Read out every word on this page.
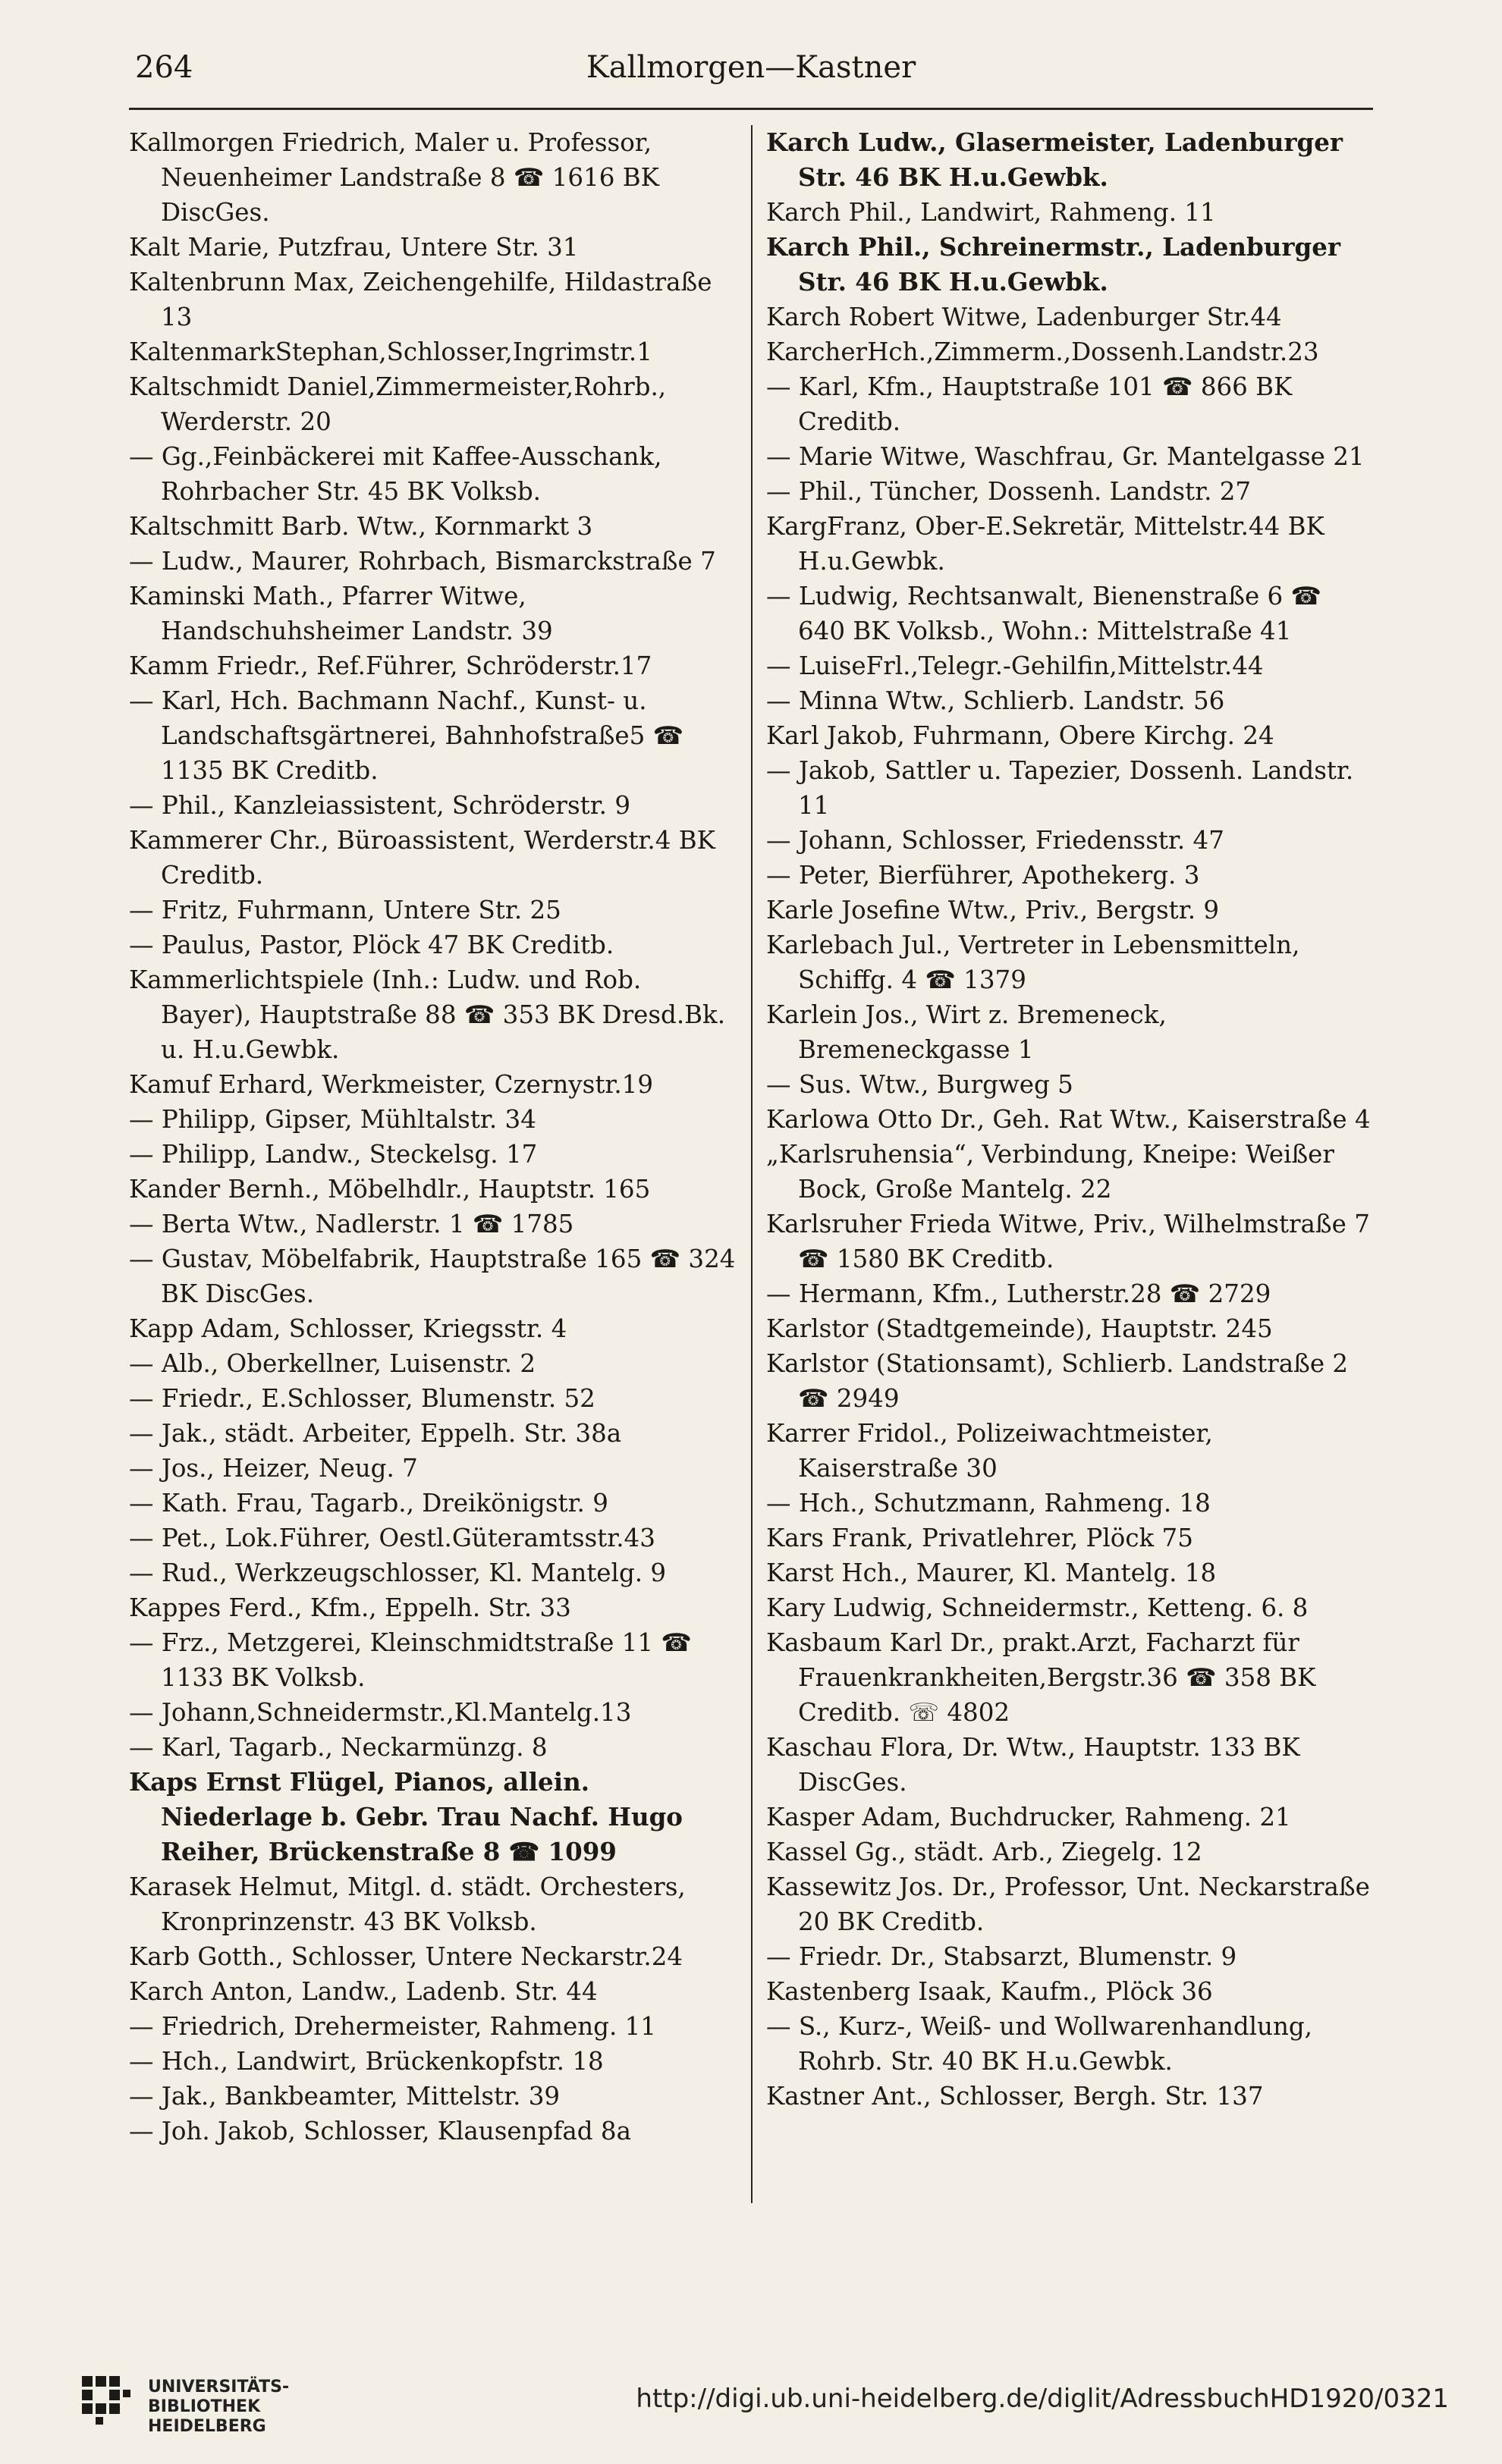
264	Kallmorgen—Kastner

Kallmorgen Friedrich, Maler u. Professor, Neuenheimer Landstraße 8 ☎ 1616 BK DiscGes.

Kalt Marie, Putzfrau, Untere Str. 31

Kaltenbrunn Max, Zeichengehilfe, Hildastraße 13

KaltenmarkStephan,Schlosser,Ingrimstr.1

Kaltschmidt Daniel,Zimmermeister,Rohrb., Werderstr. 20

— Gg.,Feinbäckerei mit Kaffee-Ausschank, Rohrbacher Str. 45 BK Volksb.

Kaltschmitt Barb. Wtw., Kornmarkt 3

— Ludw., Maurer, Rohrbach, Bismarckstraße 7

Kaminski Math., Pfarrer Witwe, Handschuhsheimer Landstr. 39

Kamm Friedr., Ref.Führer, Schröderstr.17

— Karl, Hch. Bachmann Nachf., Kunst- u. Landschaftsgärtnerei, Bahnhofstraße5 ☎ 1135 BK Creditb.

— Phil., Kanzleiassistent, Schröderstr. 9

Kammerer Chr., Büroassistent, Werderstr.4 BK Creditb.

— Fritz, Fuhrmann, Untere Str. 25

— Paulus, Pastor, Plöck 47 BK Creditb.

Kammerlichtspiele (Inh.: Ludw. und Rob. Bayer), Hauptstraße 88 ☎ 353 BK Dresd.Bk. u. H.u.Gewbk.

Kamuf Erhard, Werkmeister, Czernystr.19

— Philipp, Gipser, Mühltalstr. 34

— Philipp, Landw., Steckelsg. 17

Kander Bernh., Möbelhdlr., Hauptstr. 165

— Berta Wtw., Nadlerstr. 1 ☎ 1785

— Gustav, Möbelfabrik, Hauptstraße 165 ☎ 324 BK DiscGes.

Kapp Adam, Schlosser, Kriegsstr. 4

— Alb., Oberkellner, Luisenstr. 2

— Friedr., E.Schlosser, Blumenstr. 52

— Jak., städt. Arbeiter, Eppelh. Str. 38a

— Jos., Heizer, Neug. 7

— Kath. Frau, Tagarb., Dreikönigstr. 9

— Pet., Lok.Führer, Oestl.Güteramtsstr.43

— Rud., Werkzeugschlosser, Kl. Mantelg. 9

Kappes Ferd., Kfm., Eppelh. Str. 33

— Frz., Metzgerei, Kleinschmidtstraße 11 ☎ 1133 BK Volksb.

— Johann,Schneidermstr.,Kl.Mantelg.13

— Karl, Tagarb., Neckarmünzg. 8

Kaps Ernst Flügel, Pianos, allein. Niederlage b. Gebr. Trau Nachf. Hugo Reiher, Brückenstraße 8 ☎ 1099

Karasek Helmut, Mitgl. d. städt. Orchesters, Kronprinzenstr. 43 BK Volksb.

Karb Gotth., Schlosser, Untere Neckarstr.24

Karch Anton, Landw., Ladenb. Str. 44

— Friedrich, Drehermeister, Rahmeng. 11

— Hch., Landwirt, Brückenkopfstr. 18

— Jak., Bankbeamter, Mittelstr. 39

— Joh. Jakob, Schlosser, Klausenpfad 8a

Karch Ludw., Glasermeister, Ladenburger Str. 46 BK H.u.Gewbk.

Karch Phil., Landwirt, Rahmeng. 11

Karch Phil., Schreinermstr., Ladenburger Str. 46 BK H.u.Gewbk.

Karch Robert Witwe, Ladenburger Str.44

KarcherHch.,Zimmerm.,Dossenh.Landstr.23

— Karl, Kfm., Hauptstraße 101 ☎ 866 BK Creditb.

— Marie Witwe, Waschfrau, Gr. Mantelgasse 21

— Phil., Tüncher, Dossenh. Landstr. 27

KargFranz, Ober-E.Sekretär, Mittelstr.44 BK H.u.Gewbk.

— Ludwig, Rechtsanwalt, Bienenstraße 6 ☎ 640 BK Volksb., Wohn.: Mittelstraße 41

— LuiseFrl.,Telegr.-Gehilfin,Mittelstr.44

— Minna Wtw., Schlierb. Landstr. 56

Karl Jakob, Fuhrmann, Obere Kirchg. 24

— Jakob, Sattler u. Tapezier, Dossenh. Landstr. 11

— Johann, Schlosser, Friedensstr. 47

— Peter, Bierführer, Apothekerg. 3

Karle Josefine Wtw., Priv., Bergstr. 9

Karlebach Jul., Vertreter in Lebensmitteln, Schiffg. 4 ☎ 1379

Karlein Jos., Wirt z. Bremeneck, Bremeneckgasse 1

— Sus. Wtw., Burgweg 5

Karlowa Otto Dr., Geh. Rat Wtw., Kaiserstraße 4

„Karlsruhensia“, Verbindung, Kneipe: Weißer Bock, Große Mantelg. 22

Karlsruher Frieda Witwe, Priv., Wilhelmstraße 7 ☎ 1580 BK Creditb.

— Hermann, Kfm., Lutherstr.28 ☎ 2729

Karlstor (Stadtgemeinde), Hauptstr. 245

Karlstor (Stationsamt), Schlierb. Landstraße 2 ☎ 2949

Karrer Fridol., Polizeiwachtmeister, Kaiserstraße 30

— Hch., Schutzmann, Rahmeng. 18

Kars Frank, Privatlehrer, Plöck 75

Karst Hch., Maurer, Kl. Mantelg. 18

Kary Ludwig, Schneidermstr., Ketteng. 6. 8

Kasbaum Karl Dr., prakt.Arzt, Facharzt für Frauenkrankheiten,Bergstr.36 ☎ 358 BK Creditb. ☏ 4802

Kaschau Flora, Dr. Wtw., Hauptstr. 133 BK DiscGes.

Kasper Adam, Buchdrucker, Rahmeng. 21

Kassel Gg., städt. Arb., Ziegelg. 12

Kassewitz Jos. Dr., Professor, Unt. Neckarstraße 20 BK Creditb.

— Friedr. Dr., Stabsarzt, Blumenstr. 9

Kastenberg Isaak, Kaufm., Plöck 36

— S., Kurz-, Weiß- und Wollwarenhandlung, Rohrb. Str. 40 BK H.u.Gewbk.

Kastner Ant., Schlosser, Bergh. Str. 137

UNIVERSITÄTS-
BIBLIOTHEK
HEIDELBERG
http://digi.ub.uni-heidelberg.de/diglit/AdressbuchHD1920/0321
